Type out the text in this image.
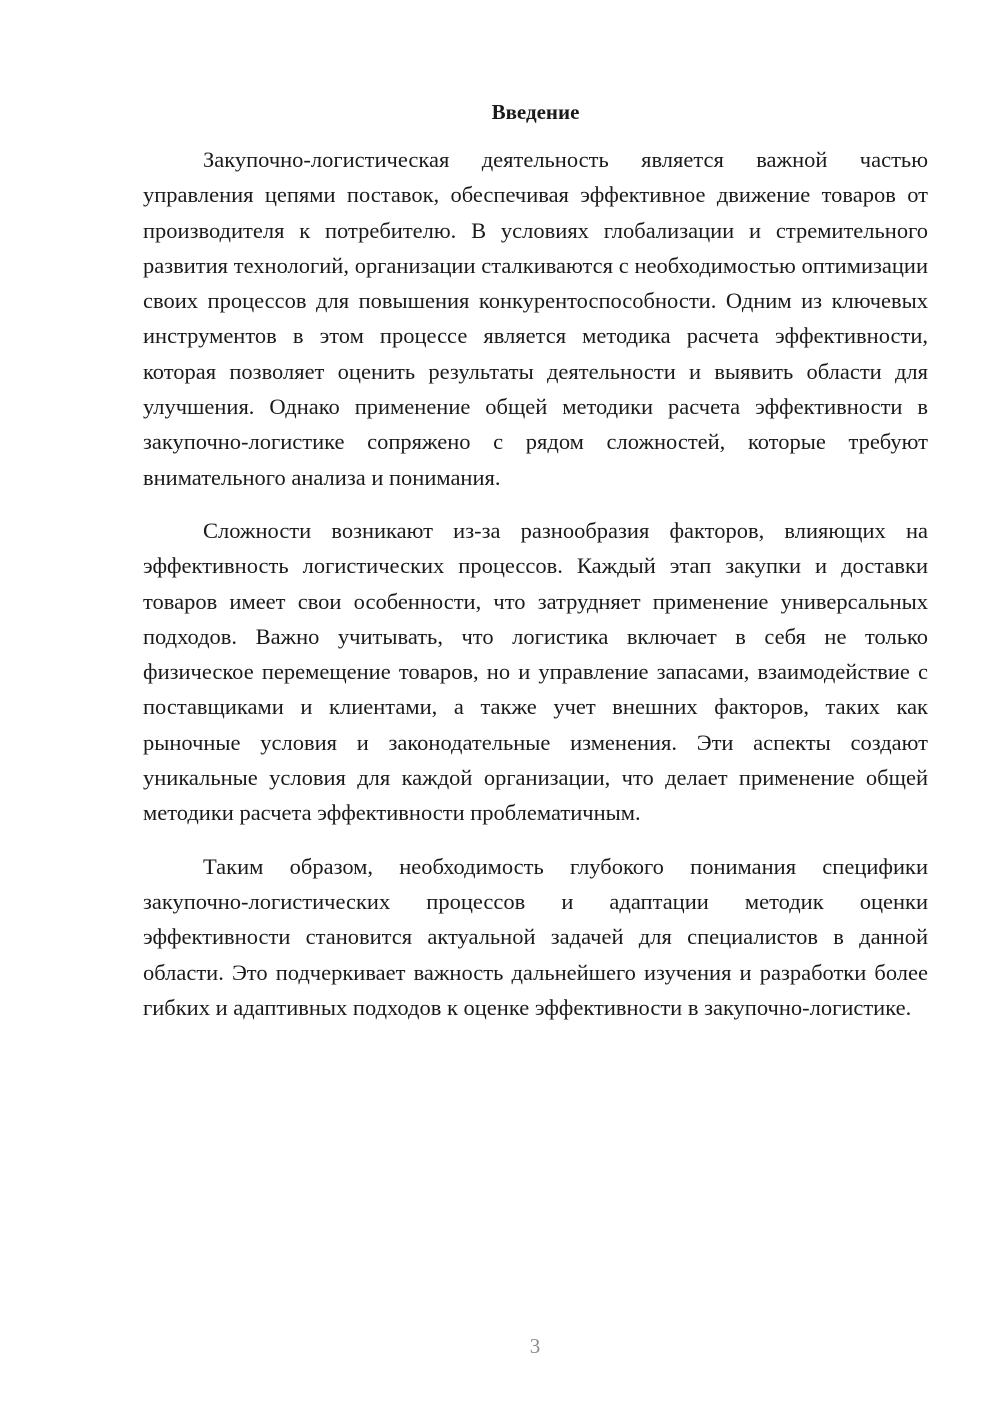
Введение

Закупочно-логистическая деятельность является важной частью управления цепями поставок, обеспечивая эффективное движение товаров от производителя к потребителю. В условиях глобализации и стремительного развития технологий, организации сталкиваются с необходимостью оптимизации своих процессов для повышения конкурентоспособности. Одним из ключевых инструментов в этом процессе является методика расчета эффективности, которая позволяет оценить результаты деятельности и выявить области для улучшения. Однако применение общей методики расчета эффективности в закупочно-логистике сопряжено с рядом сложностей, которые требуют внимательного анализа и понимания.

Сложности возникают из-за разнообразия факторов, влияющих на эффективность логистических процессов. Каждый этап закупки и доставки товаров имеет свои особенности, что затрудняет применение универсальных подходов. Важно учитывать, что логистика включает в себя не только физическое перемещение товаров, но и управление запасами, взаимодействие с поставщиками и клиентами, а также учет внешних факторов, таких как рыночные условия и законодательные изменения. Эти аспекты создают уникальные условия для каждой организации, что делает применение общей методики расчета эффективности проблематичным.

Таким образом, необходимость глубокого понимания специфики закупочно-логистических процессов и адаптации методик оценки эффективности становится актуальной задачей для специалистов в данной области. Это подчеркивает важность дальнейшего изучения и разработки более гибких и адаптивных подходов к оценке эффективности в закупочно-логистике.

3
